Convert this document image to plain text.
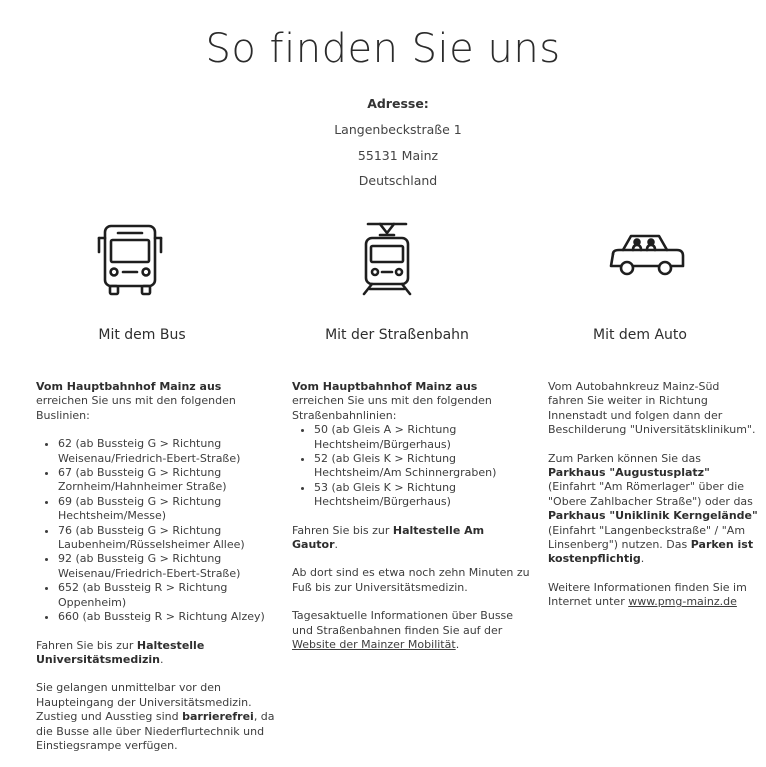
So finden Sie uns
Adresse:
Langenbeckstraße 1
55131 Mainz
Deutschland
Mit dem Bus	Mit der Straßenbahn	Mit dem Auto

Vom Hauptbahnhof Mainz aus erreichen Sie uns mit den folgenden Buslinien:

• 62 (ab Bussteig G > Richtung Weisenau/Friedrich-Ebert-Straße)
• 67 (ab Bussteig G > Richtung Zornheim/Hahnheimer Straße)
• 69 (ab Bussteig G > Richtung Hechtsheim/Messe)
• 76 (ab Bussteig G > Richtung Laubenheim/Rüsselsheimer Allee)
• 92 (ab Bussteig G > Richtung Weisenau/Friedrich-Ebert-Straße)
• 652 (ab Bussteig R > Richtung Oppenheim)
• 660 (ab Bussteig R > Richtung Alzey)

Fahren Sie bis zur Haltestelle Universitätsmedizin.

Sie gelangen unmittelbar vor den Haupteingang der Universitätsmedizin. Zustieg und Ausstieg sind barrierefrei, da die Busse alle über Niederflurtechnik und Einstiegsrampe verfügen.

Vom Hauptbahnhof Mainz aus erreichen Sie uns mit den folgenden Straßenbahnlinien:

• 50 (ab Gleis A > Richtung Hechtsheim/Bürgerhaus)
• 52 (ab Gleis K > Richtung Hechtsheim/Am Schinnergraben)
• 53 (ab Gleis K > Richtung Hechtsheim/Bürgerhaus)

Fahren Sie bis zur Haltestelle Am Gautor.

Ab dort sind es etwa noch zehn Minuten zu Fuß bis zur Universitätsmedizin.

Tagesaktuelle Informationen über Busse und Straßenbahnen finden Sie auf der Website der Mainzer Mobilität.

Vom Autobahnkreuz Mainz-Süd fahren Sie weiter in Richtung Innenstadt und folgen dann der Beschilderung "Universitätsklinikum".

Zum Parken können Sie das Parkhaus "Augustusplatz" (Einfahrt "Am Römerlager" über die "Obere Zahlbacher Straße") oder das Parkhaus "Uniklinik Kerngelände" (Einfahrt "Langenbeckstraße" / "Am Linsenberg") nutzen. Das Parken ist kostenpflichtig.

Weitere Informationen finden Sie im Internet unter www.pmg-mainz.de
